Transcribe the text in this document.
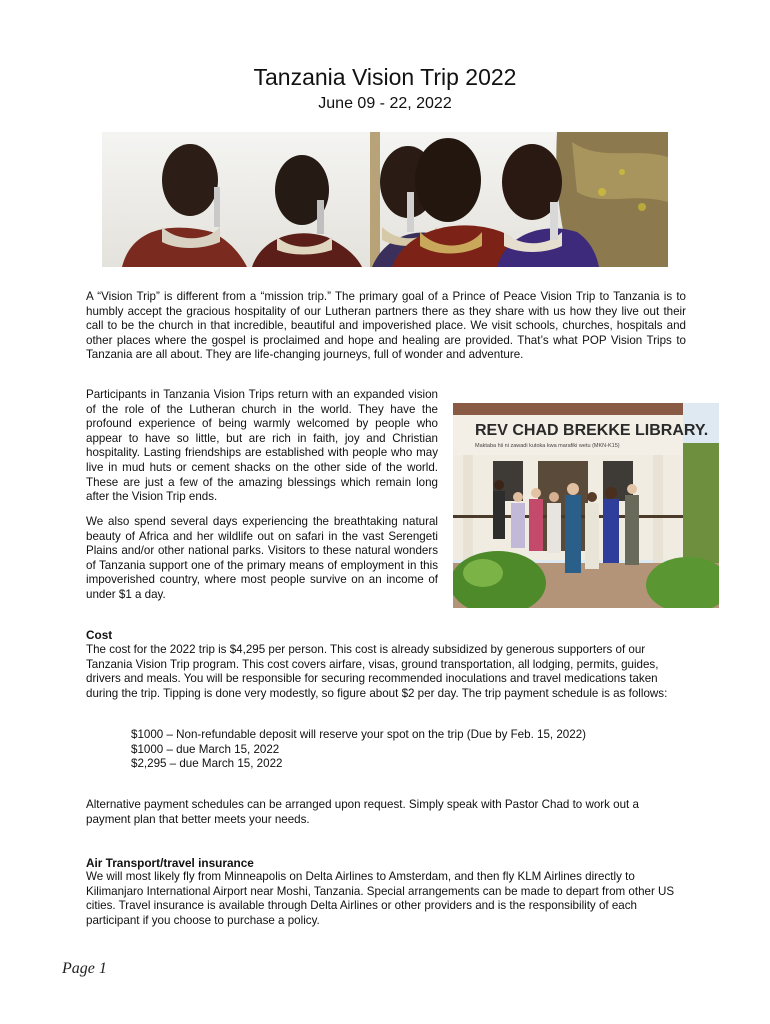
Tanzania Vision Trip 2022
June 09 - 22, 2022

A “Vision Trip” is different from a “mission trip.” The primary goal of a Prince of Peace Vision Trip to Tanzania is to humbly accept the gracious hospitality of our Lutheran partners there as they share with us how they live out their call to be the church in that incredible, beautiful and impoverished place. We visit schools, churches, hospitals and other places where the gospel is proclaimed and hope and healing are provided. That’s what POP Vision Trips to Tanzania are all about. They are life-changing journeys, full of wonder and adventure.

Participants in Tanzania Vision Trips return with an expanded vision of the role of the Lutheran church in the world. They have the profound experience of being warmly welcomed by people who appear to have so little, but are rich in faith, joy and Christian hospitality. Lasting friendships are established with people who may live in mud huts or cement shacks on the other side of the world. These are just a few of the amazing blessings which remain long after the Vision Trip ends.

We also spend several days experiencing the breathtaking natural beauty of Africa and her wildlife out on safari in the vast Serengeti Plains and/or other national parks. Visitors to these natural wonders of Tanzania support one of the primary means of employment in this impoverished country, where most people survive on an income of under $1 a day.

REV CHAD BREKKE LIBRARY.
Maktaba hii ni zawadi kutoka kwa marafiki wetu (MKN-K15)
Cost

The cost for the 2022 trip is $4,295 per person. This cost is already subsidized by generous supporters of our Tanzania Vision Trip program. This cost covers airfare, visas, ground transportation, all lodging, permits, guides, drivers and meals. You will be responsible for securing recommended inoculations and travel medications taken during the trip. Tipping is done very modestly, so figure about $2 per day. The trip payment schedule is as follows:

$1000 – Non-refundable deposit will reserve your spot on the trip (Due by Feb. 15, 2022)
$1000 – due March 15, 2022
$2,295 – due March 15, 2022

Alternative payment schedules can be arranged upon request. Simply speak with Pastor Chad to work out a payment plan that better meets your needs.

Air Transport/travel insurance

We will most likely fly from Minneapolis on Delta Airlines to Amsterdam, and then fly KLM Airlines directly to Kilimanjaro International Airport near Moshi, Tanzania. Special arrangements can be made to depart from other US cities. Travel insurance is available through Delta Airlines or other providers and is the responsibility of each participant if you choose to purchase a policy.

Page 1
